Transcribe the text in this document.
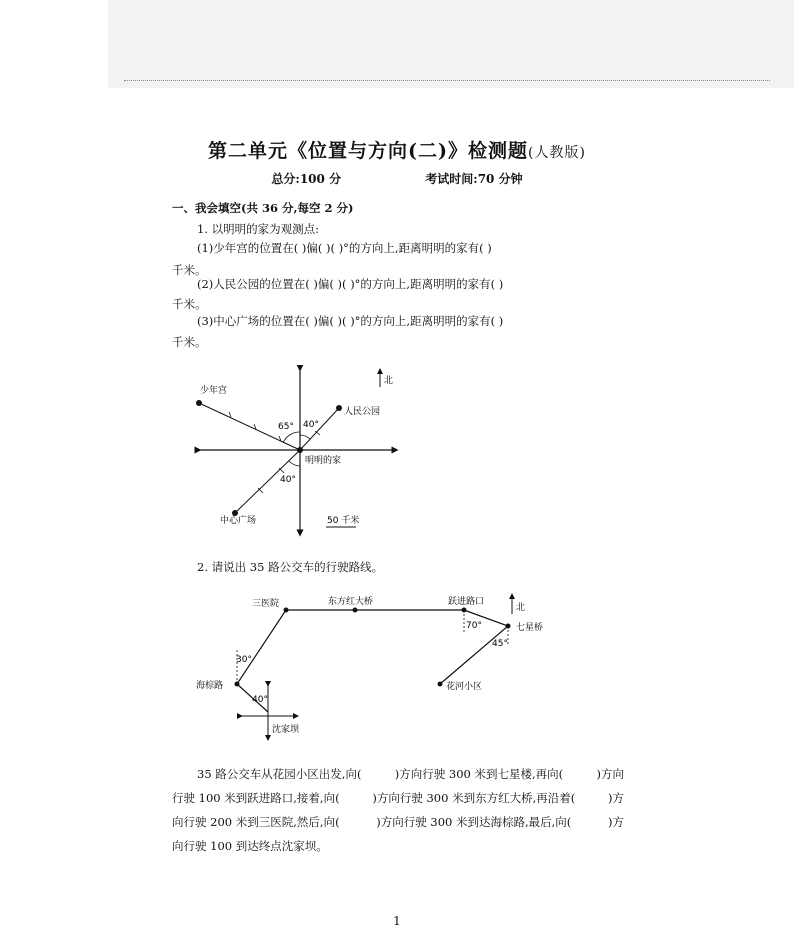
第二单元《位置与方向(二)》检测题(人教版)
总分:100 分	考试时间:70 分钟
一、我会填空(共 36 分,每空 2 分)
1. 以明明的家为观测点:
(1)少年宫的位置在( )偏( )( )°的方向上,距离明明的家有( )
千米。
(2)人民公园的位置在( )偏( )( )°的方向上,距离明明的家有( )
千米。
(3)中心广场的位置在( )偏( )( )°的方向上,距离明明的家有( )
千米。
北
少年宫
人民公园
明明的家
中心广场
65° 40°
40°
50 千米
2. 请说出 35 路公交车的行驶路线。
北
三医院	东方红大桥	跃进路口
七星桥
花河小区
海棕路
沈家坝
70°
45°
30°
40°
35 路公交车从花园小区出发,向(	)方向行驶 300 米到七星楼,再向(	)方向
行驶 100 米到跃进路口,接着,向(	)方向行驶 300 米到东方红大桥,再沿着(	)方
向行驶 200 米到三医院,然后,向(	)方向行驶 300 米到达海棕路,最后,向(	)方
向行驶 100 到达终点沈家坝。
1
